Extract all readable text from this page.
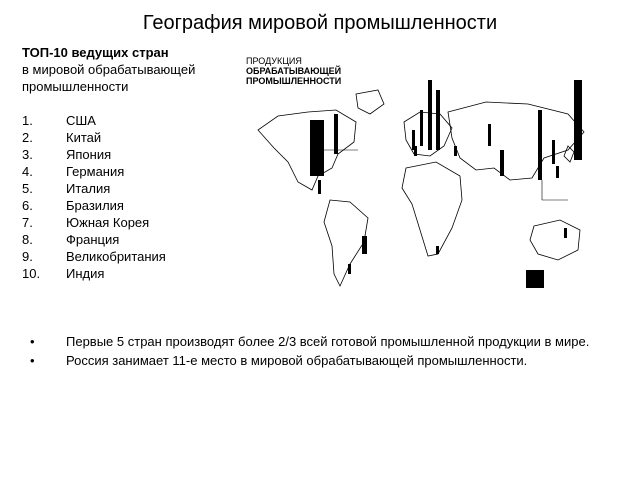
География мировой промышленности
ТОП-10 ведущих стран
в мировой обрабатывающей
промышленности
1.	США
2.	Китай
3.	Япония
4.	Германия
5.	Италия
6.	Бразилия
7.	Южная Корея
8.	Франция
9.	Великобритания
10.	Индия
ПРОДУКЦИЯ
ОБРАБАТЫВАЮЩЕЙ
ПРОМЫШЛЕННОСТИ
•	Первые 5 стран производят более 2/3 всей готовой промышленной продукции в мире.
•	Россия занимает 11-е место в мировой обрабатывающей промышленности.
